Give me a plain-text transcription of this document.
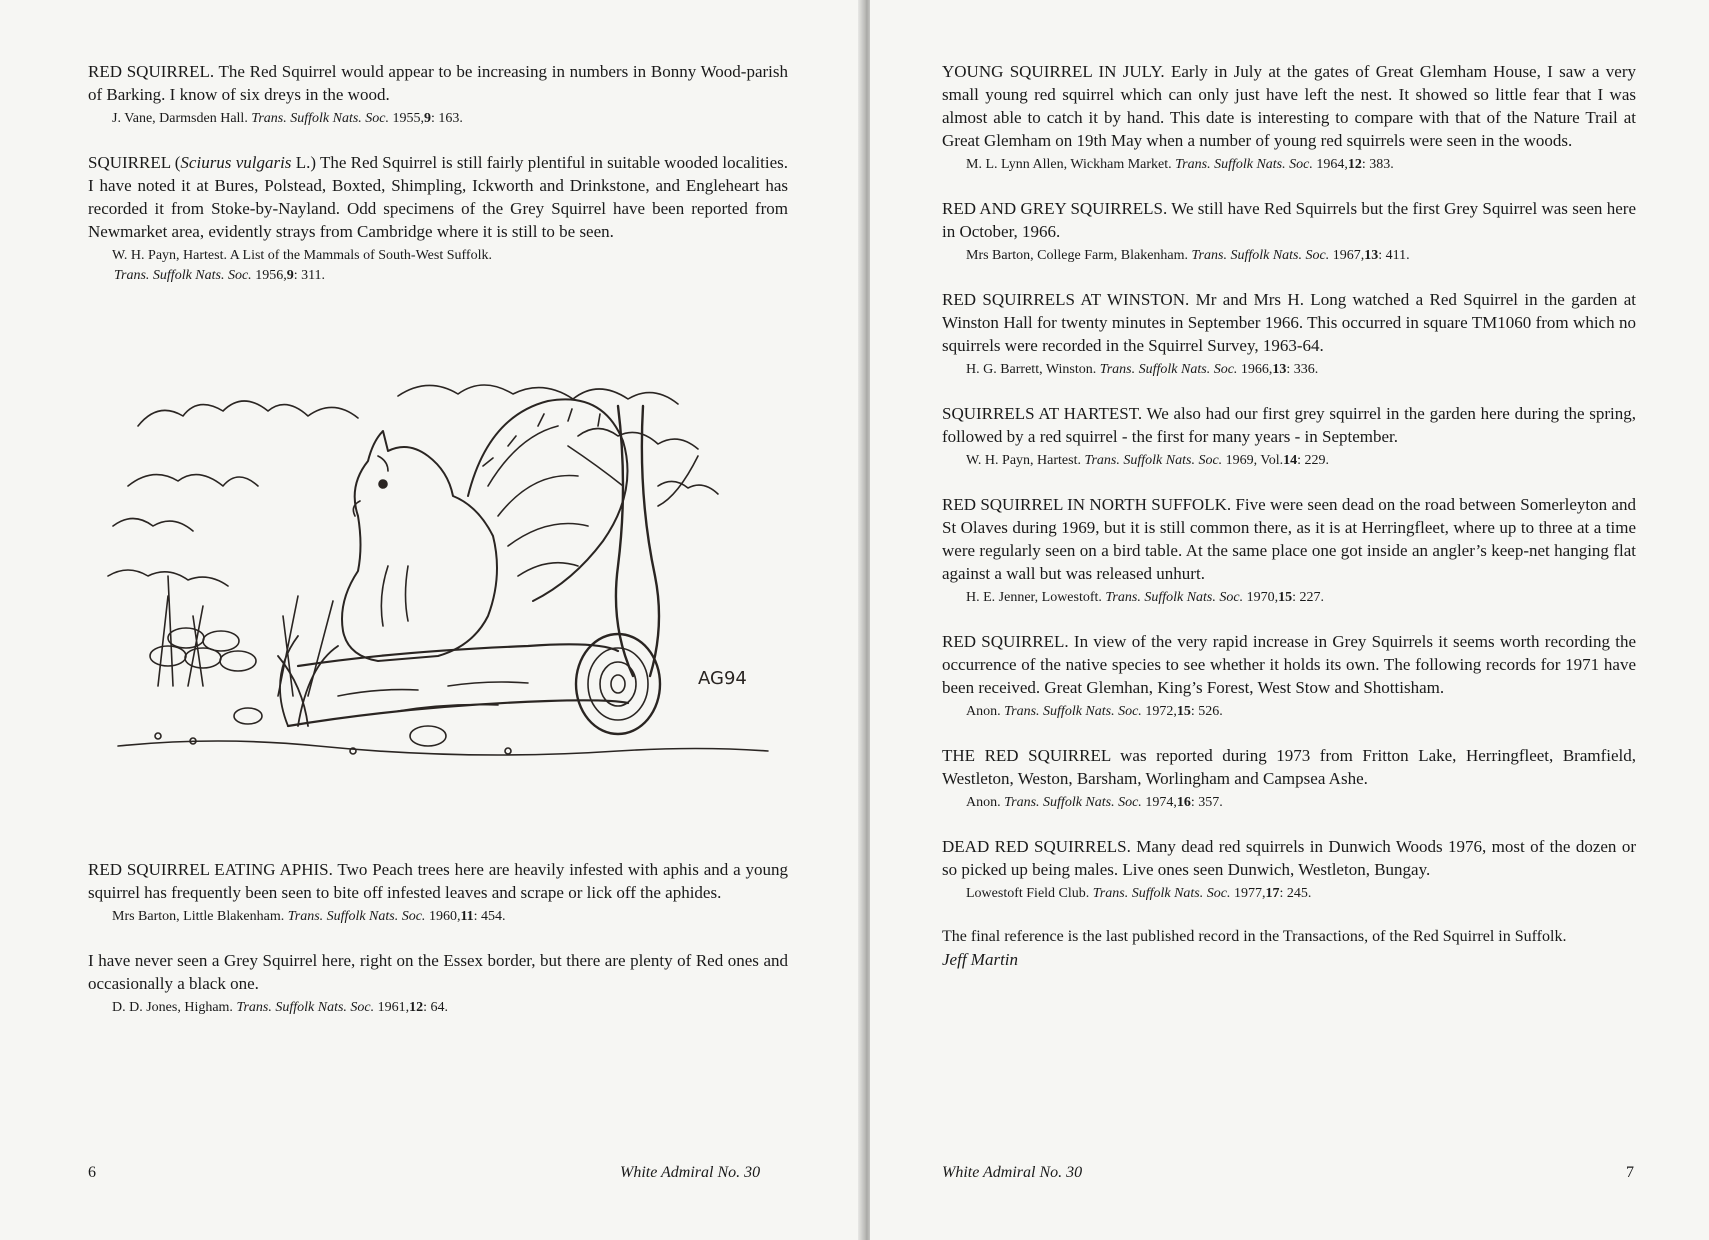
RED SQUIRREL. The Red Squirrel would appear to be increasing in numbers in Bonny Wood-parish of Barking. I know of six dreys in the wood.

J. Vane, Darmsden Hall. Trans. Suffolk Nats. Soc. 1955,9: 163.

SQUIRREL (Sciurus vulgaris L.) The Red Squirrel is still fairly plentiful in suitable wooded localities. I have noted it at Bures, Polstead, Boxted, Shimpling, Ickworth and Drinkstone, and Engleheart has recorded it from Stoke-by-Nayland. Odd specimens of the Grey Squirrel have been reported from Newmarket area, evidently strays from Cambridge where it is still to be seen.

W. H. Payn, Hartest. A List of the Mammals of South-West Suffolk.
Trans. Suffolk Nats. Soc. 1956,9: 311.
AG94

RED SQUIRREL EATING APHIS. Two Peach trees here are heavily infested with aphis and a young squirrel has frequently been seen to bite off infested leaves and scrape or lick off the aphides.

Mrs Barton, Little Blakenham. Trans. Suffolk Nats. Soc. 1960,11: 454.

I have never seen a Grey Squirrel here, right on the Essex border, but there are plenty of Red ones and occasionally a black one.

D. D. Jones, Higham. Trans. Suffolk Nats. Soc. 1961,12: 64.
6	White Admiral No. 30

YOUNG SQUIRREL IN JULY. Early in July at the gates of Great Glemham House, I saw a very small young red squirrel which can only just have left the nest. It showed so little fear that I was almost able to catch it by hand. This date is interesting to compare with that of the Nature Trail at Great Glemham on 19th May when a number of young red squirrels were seen in the woods.

M. L. Lynn Allen, Wickham Market. Trans. Suffolk Nats. Soc. 1964,12: 383.

RED AND GREY SQUIRRELS. We still have Red Squirrels but the first Grey Squirrel was seen here in October, 1966.

Mrs Barton, College Farm, Blakenham. Trans. Suffolk Nats. Soc. 1967,13: 411.

RED SQUIRRELS AT WINSTON. Mr and Mrs H. Long watched a Red Squirrel in the garden at Winston Hall for twenty minutes in September 1966. This occurred in square TM1060 from which no squirrels were recorded in the Squirrel Survey, 1963-64.

H. G. Barrett, Winston. Trans. Suffolk Nats. Soc. 1966,13: 336.

SQUIRRELS AT HARTEST. We also had our first grey squirrel in the garden here during the spring, followed by a red squirrel - the first for many years - in September.

W. H. Payn, Hartest. Trans. Suffolk Nats. Soc. 1969, Vol.14: 229.

RED SQUIRREL IN NORTH SUFFOLK. Five were seen dead on the road between Somerleyton and St Olaves during 1969, but it is still common there, as it is at Herringfleet, where up to three at a time were regularly seen on a bird table. At the same place one got inside an angler’s keep-net hanging flat against a wall but was released unhurt.

H. E. Jenner, Lowestoft. Trans. Suffolk Nats. Soc. 1970,15: 227.

RED SQUIRREL. In view of the very rapid increase in Grey Squirrels it seems worth recording the occurrence of the native species to see whether it holds its own. The following records for 1971 have been received. Great Glemhan, King’s Forest, West Stow and Shottisham.

Anon. Trans. Suffolk Nats. Soc. 1972,15: 526.

THE RED SQUIRREL was reported during 1973 from Fritton Lake, Herringfleet, Bramfield, Westleton, Weston, Barsham, Worlingham and Campsea Ashe.

Anon. Trans. Suffolk Nats. Soc. 1974,16: 357.

DEAD RED SQUIRRELS. Many dead red squirrels in Dunwich Woods 1976, most of the dozen or so picked up being males. Live ones seen Dunwich, Westleton, Bungay.

Lowestoft Field Club. Trans. Suffolk Nats. Soc. 1977,17: 245.

The final reference is the last published record in the Transactions, of the Red Squirrel in Suffolk.

Jeff Martin
White Admiral No. 30	7
